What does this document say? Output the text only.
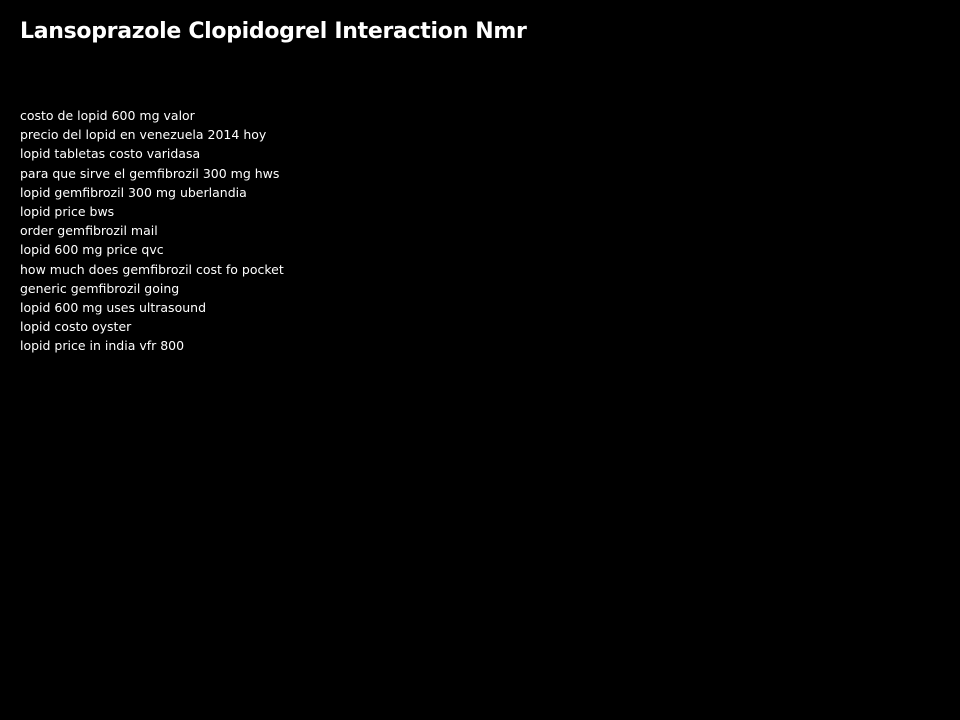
Lansoprazole Clopidogrel Interaction Nmr
costo de lopid 600 mg valor
precio del lopid en venezuela 2014 hoy
lopid tabletas costo varidasa
para que sirve el gemfibrozil 300 mg hws
lopid gemfibrozil 300 mg uberlandia
lopid price bws
order gemfibrozil mail
lopid 600 mg price qvc
how much does gemfibrozil cost fo pocket
generic gemfibrozil going
lopid 600 mg uses ultrasound
lopid costo oyster
lopid price in india vfr 800
